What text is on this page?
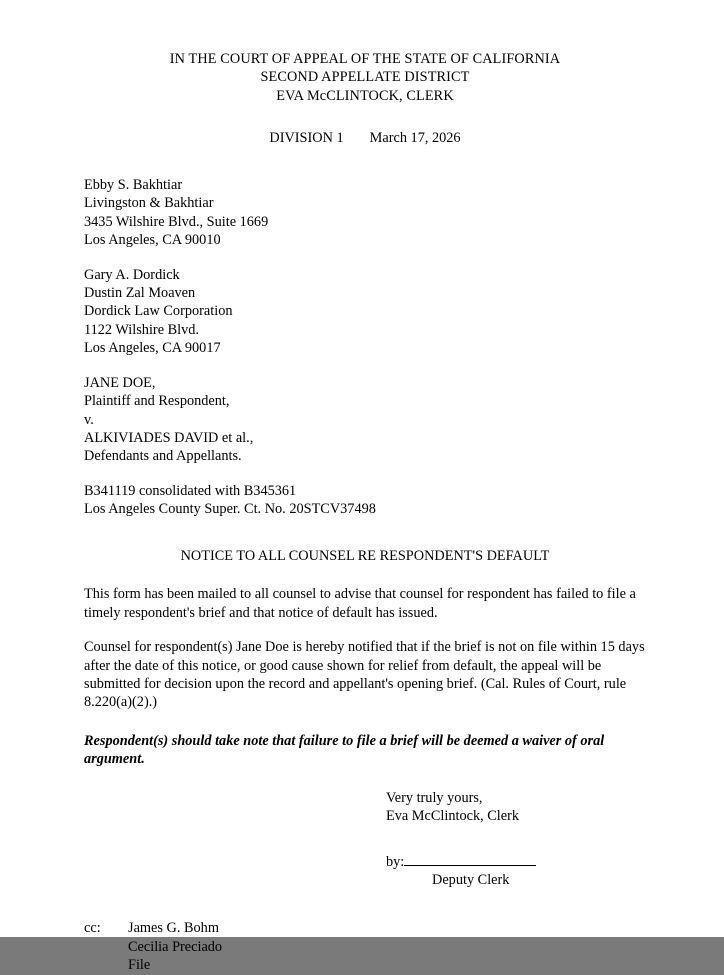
IN THE COURT OF APPEAL OF THE STATE OF CALIFORNIA
SECOND APPELLATE DISTRICT
EVA McCLINTOCK, CLERK
DIVISION 1 March 17, 2026
Ebby S. Bakhtiar
Livingston & Bakhtiar
3435 Wilshire Blvd., Suite 1669
Los Angeles, CA 90010
Gary A. Dordick
Dustin Zal Moaven
Dordick Law Corporation
1122 Wilshire Blvd.
Los Angeles, CA 90017
JANE DOE,
Plaintiff and Respondent,
v.
ALKIVIADES DAVID et al.,
Defendants and Appellants.
B341119 consolidated with B345361
Los Angeles County Super. Ct. No. 20STCV37498
NOTICE TO ALL COUNSEL RE RESPONDENT'S DEFAULT
This form has been mailed to all counsel to advise that counsel for respondent has failed to file a timely respondent's brief and that notice of default has issued.
Counsel for respondent(s) Jane Doe is hereby notified that if the brief is not on file within 15 days after the date of this notice, or good cause shown for relief from default, the appeal will be submitted for decision upon the record and appellant's opening brief. (Cal. Rules of Court, rule 8.220(a)(2).)
Respondent(s) should take note that failure to file a brief will be deemed a waiver of oral argument.
Very truly yours,
Eva McClintock, Clerk
by:
Deputy Clerk
cc:	James G. Bohm
Cecilia Preciado
File
